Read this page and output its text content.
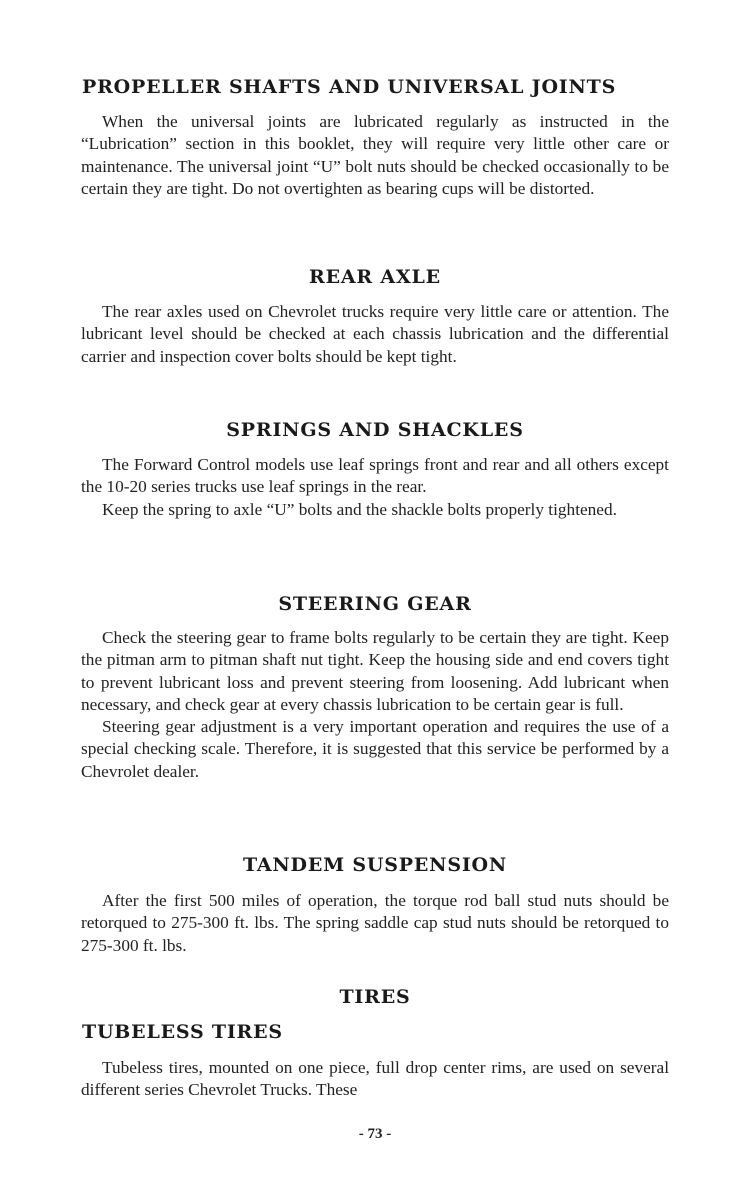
PROPELLER SHAFTS AND UNIVERSAL JOINTS

When the universal joints are lubricated regularly as instructed in the “Lubrication” section in this booklet, they will require very little other care or maintenance. The universal joint “U” bolt nuts should be checked occasionally to be certain they are tight. Do not overtighten as bearing cups will be distorted.

REAR AXLE

The rear axles used on Chevrolet trucks require very little care or attention. The lubricant level should be checked at each chassis lubrication and the differential carrier and inspection cover bolts should be kept tight.

SPRINGS AND SHACKLES

The Forward Control models use leaf springs front and rear and all others except the 10-20 series trucks use leaf springs in the rear.

Keep the spring to axle “U” bolts and the shackle bolts properly tightened.

STEERING GEAR

Check the steering gear to frame bolts regularly to be certain they are tight. Keep the pitman arm to pitman shaft nut tight. Keep the housing side and end covers tight to prevent lubricant loss and prevent steering from loosening. Add lubricant when necessary, and check gear at every chassis lubrication to be certain gear is full.

Steering gear adjustment is a very important operation and requires the use of a special checking scale. Therefore, it is suggested that this service be performed by a Chevrolet dealer.

TANDEM SUSPENSION

After the first 500 miles of operation, the torque rod ball stud nuts should be retorqued to 275-300 ft. lbs. The spring saddle cap stud nuts should be retorqued to 275-300 ft. lbs.

TIRES
TUBELESS TIRES

Tubeless tires, mounted on one piece, full drop center rims, are used on several different series Chevrolet Trucks. These

- 73 -
